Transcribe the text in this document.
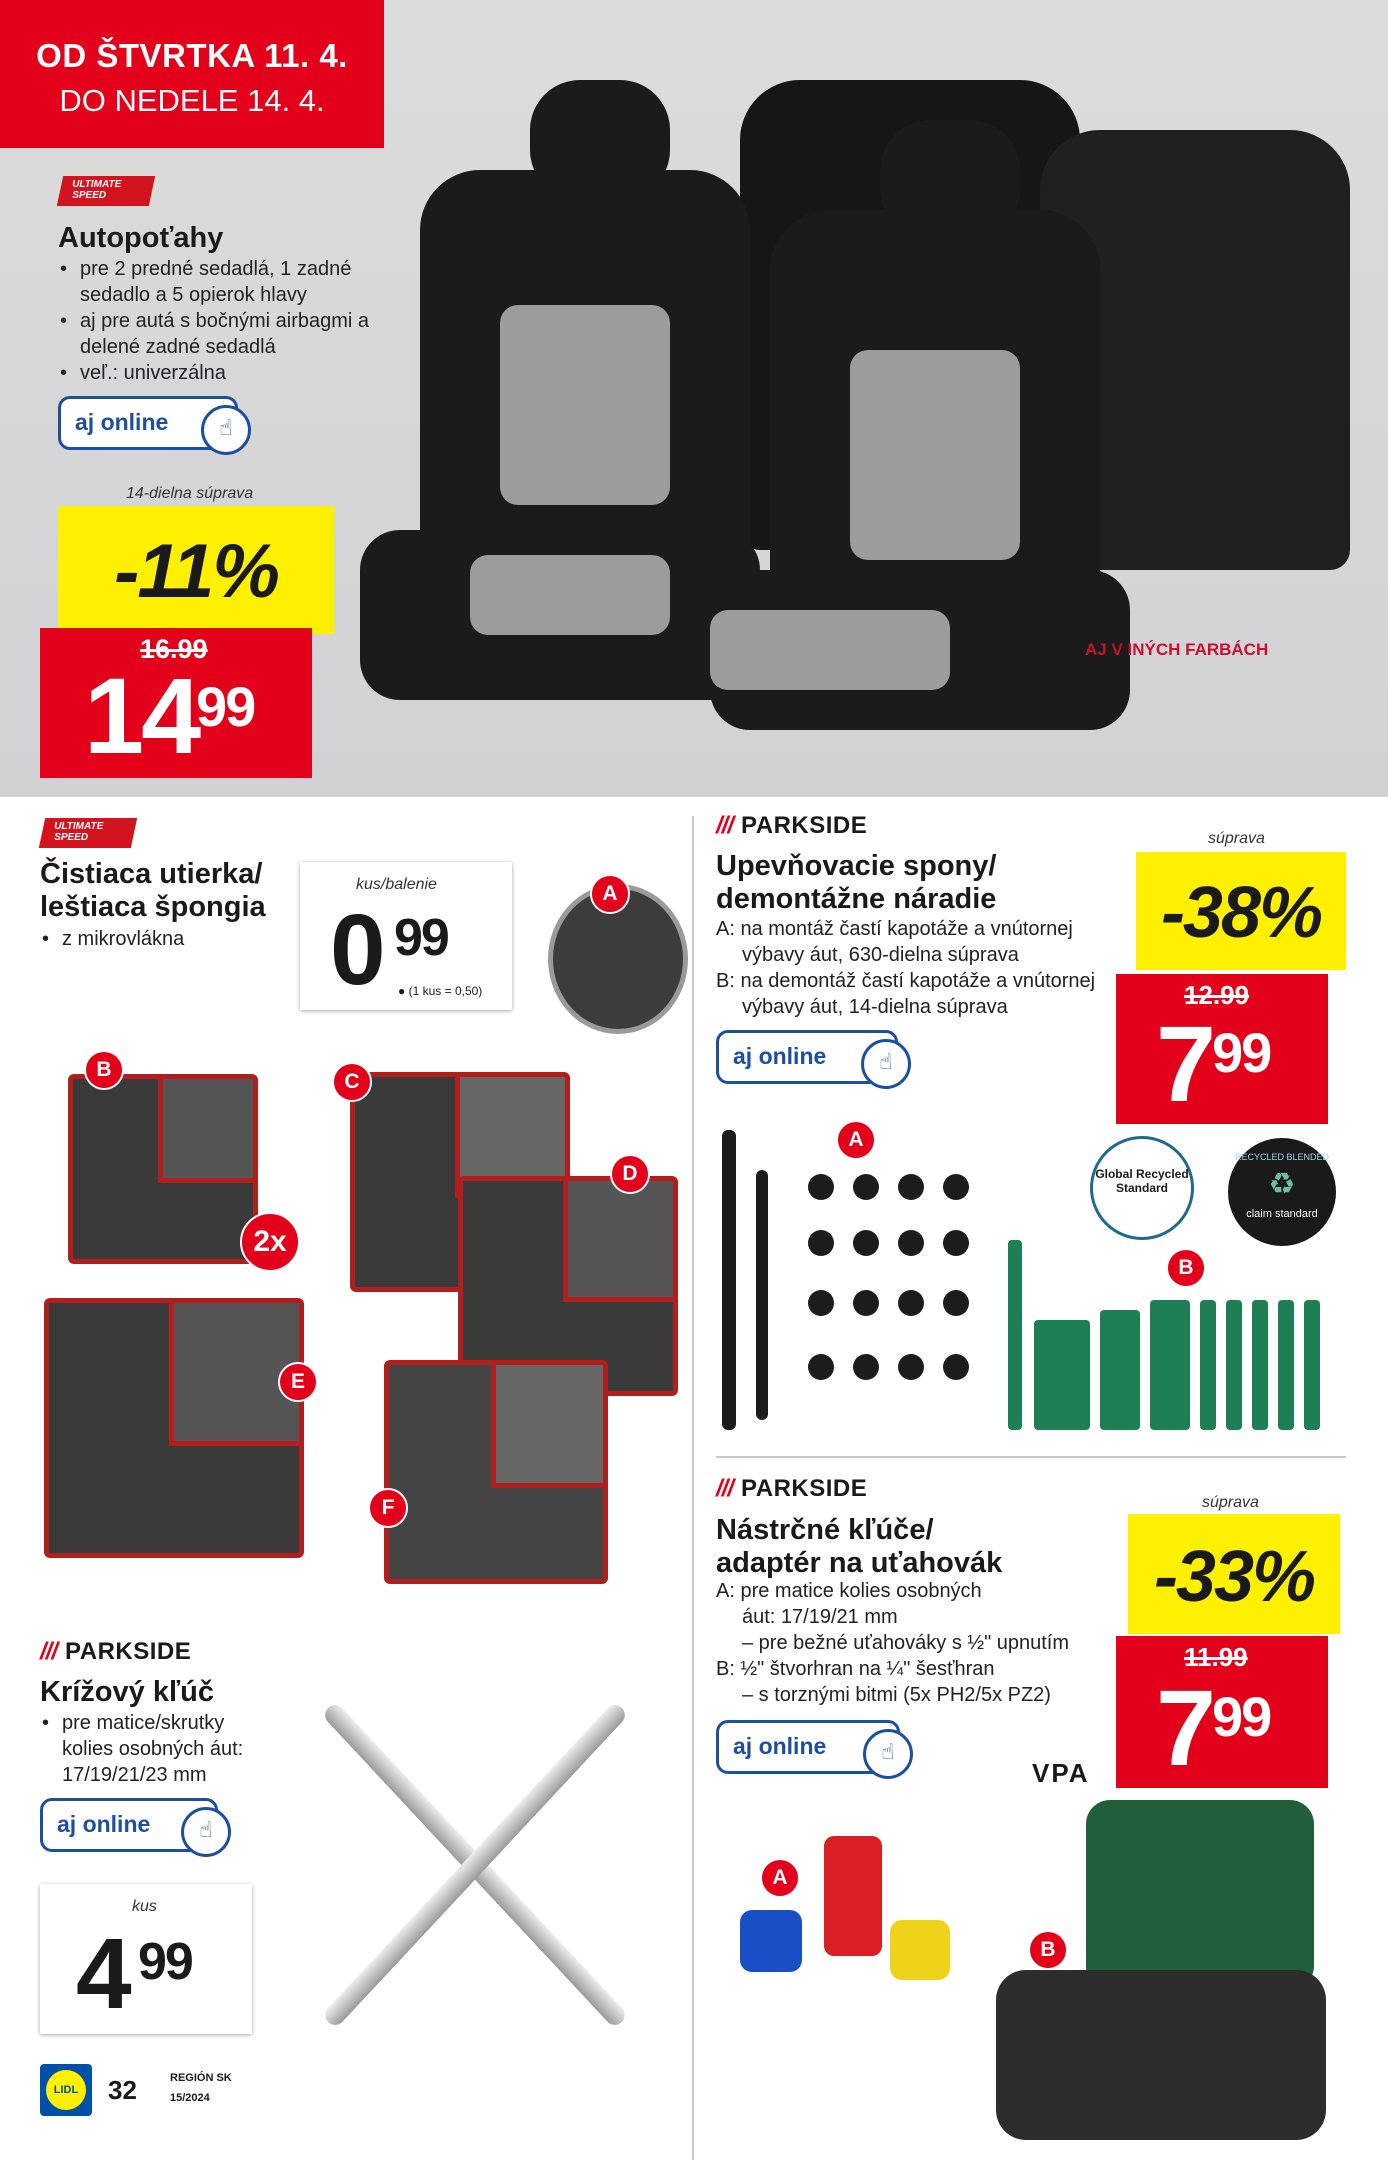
OD ŠTVRTKA 11. 4.
DO NEDELE 14. 4.
ULTIMATE SPEED
Autopoťahy
• pre 2 predné sedadlá, 1 zadné sedadlo a 5 opierok hlavy
• aj pre autá s bočnými airbagmi a delené zadné sedadlá
• veľ.: univerzálna
aj online	☝
14-dielna súprava
-11%
16.99
14
99
AJ V INÝCH FARBÁCH
ULTIMATE SPEED
Čistiaca utierka/
leštiaca špongia
• z mikrovlákna
kus/balenie
0 99
● (1 kus = 0,50)
A
B
2x
C
D
E
F
/// PARKSIDE
Upevňovacie spony/
demontážne náradie
A: na montáž častí kapotáže a vnútornej
výbavy áut, 630-dielna súprava
B: na demontáž častí kapotáže a vnútornej
výbavy áut, 14-dielna súprava
aj online	☝
súprava
-38%
12.99
7
99
A
B
Global Recycled Standard
RECYCLED BLENDED
♻
claim standard
/// PARKSIDE
Nástrčné kľúče/
adaptér na uťahovák
A: pre matice kolies osobných
áut: 17/19/21 mm
– pre bežné uťahováky s ½" upnutím
B: ½" štvorhran na ¼" šesťhran
– s torznými bitmi (5x PH2/5x PZ2)
aj online	☝
súprava
-33%
11.99
7
99
VPA
A
B
/// PARKSIDE
Krížový kľúč
• pre matice/skrutky kolies osobných áut: 17/19/21/23 mm
aj online	☝
kus
4 99
LIDL 32	REGIÓN SK
15/2024
